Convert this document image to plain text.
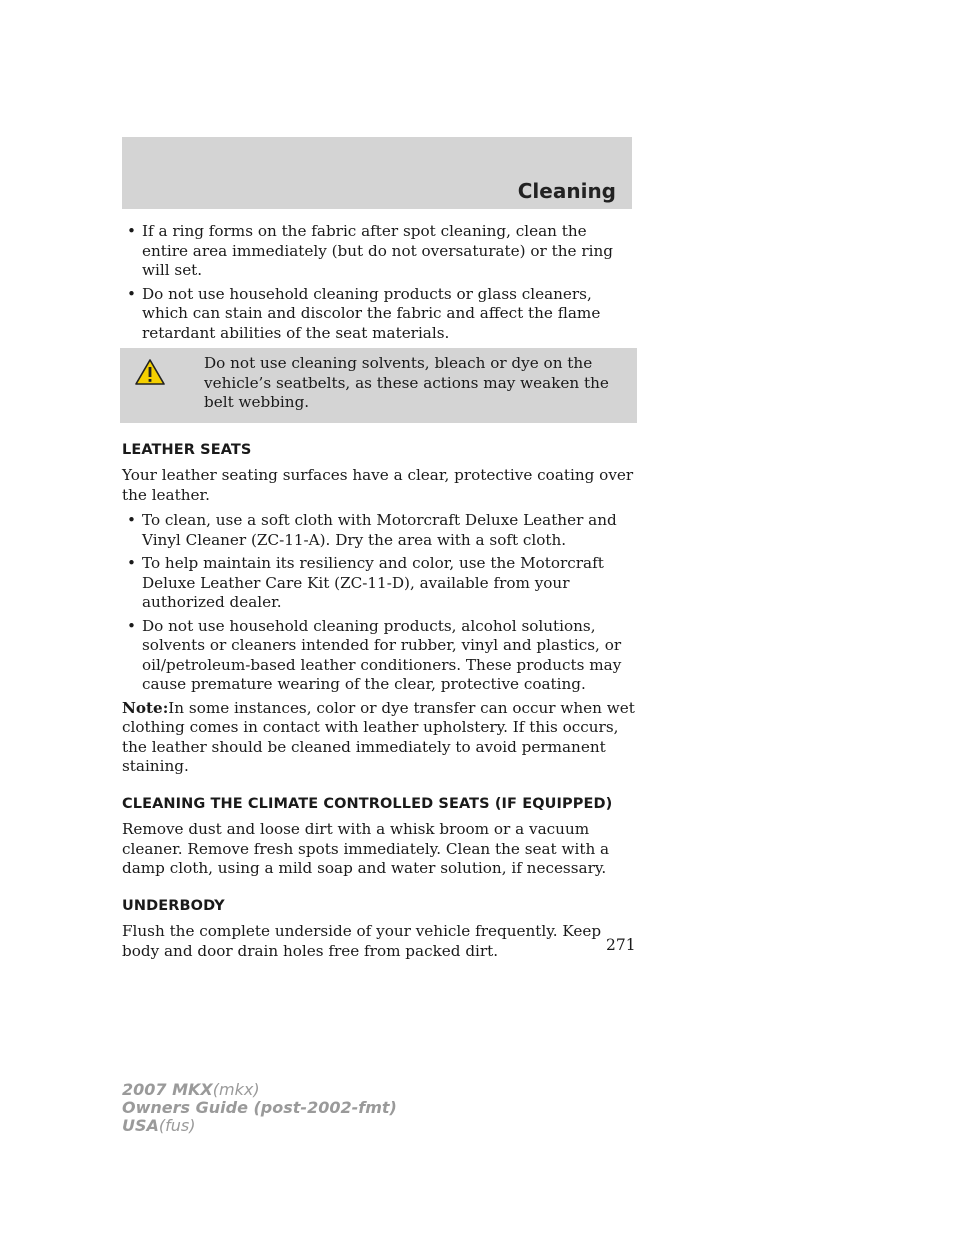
Cleaning
• If a ring forms on the fabric after spot cleaning, clean the entire area immediately (but do not oversaturate) or the ring will set.
• Do not use household cleaning products or glass cleaners, which can stain and discolor the fabric and affect the flame retardant abilities of the seat materials.

Do not use cleaning solvents, bleach or dye on the vehicle’s seatbelts, as these actions may weaken the belt webbing.

LEATHER SEATS

Your leather seating surfaces have a clear, protective coating over the leather.

• To clean, use a soft cloth with Motorcraft Deluxe Leather and Vinyl Cleaner (ZC-11-A). Dry the area with a soft cloth.
• To help maintain its resiliency and color, use the Motorcraft Deluxe Leather Care Kit (ZC-11-D), available from your authorized dealer.
• Do not use household cleaning products, alcohol solutions, solvents or cleaners intended for rubber, vinyl and plastics, or oil/petroleum-based leather conditioners. These products may cause premature wearing of the clear, protective coating.

Note:In some instances, color or dye transfer can occur when wet clothing comes in contact with leather upholstery. If this occurs, the leather should be cleaned immediately to avoid permanent staining.

CLEANING THE CLIMATE CONTROLLED SEATS (IF EQUIPPED)

Remove dust and loose dirt with a whisk broom or a vacuum cleaner. Remove fresh spots immediately. Clean the seat with a damp cloth, using a mild soap and water solution, if necessary.

UNDERBODY

Flush the complete underside of your vehicle frequently. Keep body and door drain holes free from packed dirt.	271

2007 MKX(mkx)
Owners Guide (post-2002-fmt)
USA(fus)
